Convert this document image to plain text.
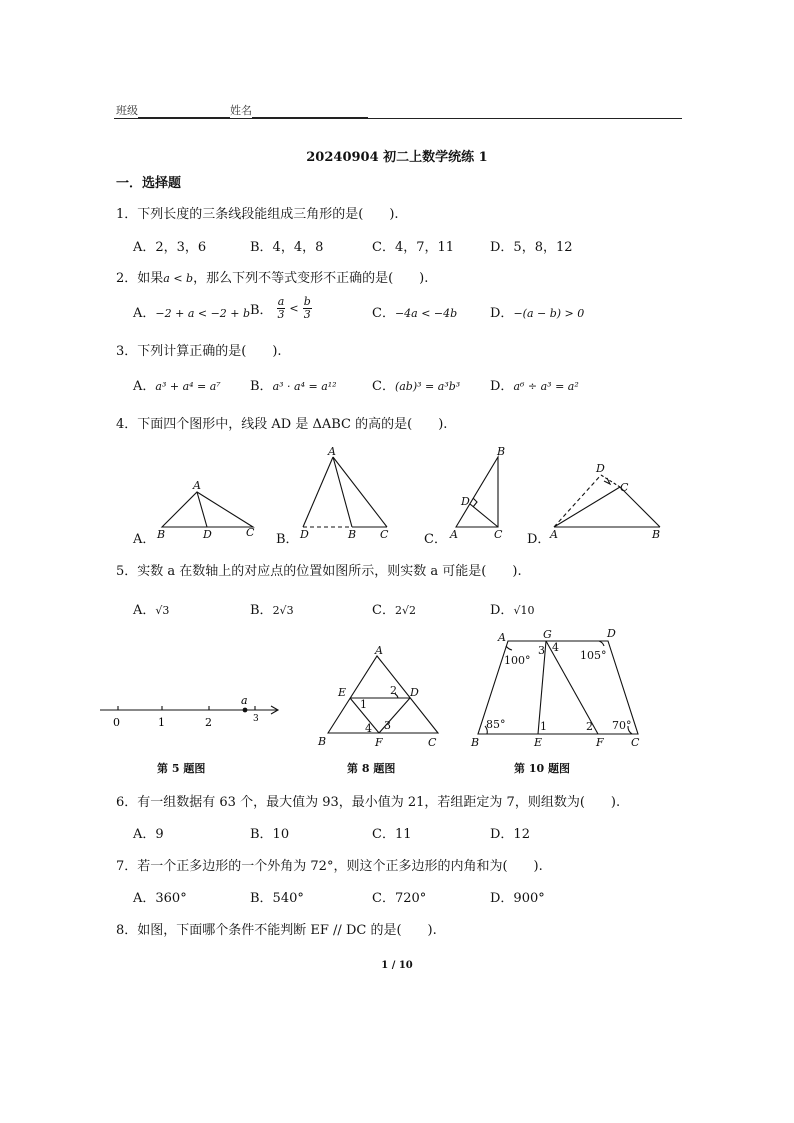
班级	姓名
20240904 初二上数学统练 1
一．选择题
1．下列长度的三条线段能组成三角形的是(　　).
A．2，3，6	B．4，4，8	C．4，7，11	D．5，8，12
2．如果a < b，那么下列不等式变形不正确的是(　　).
A．−2 + a < −2 + b B． $\frac{a}{3} < \frac{b}{3}$	C．−4a < −4b	D．−(a − b) > 0
3．下列计算正确的是(　　).
A．a³ + a⁴ = a⁷ B．a³ · a⁴ = a¹²	C．(ab)³ = a³b³ D．a⁶ ÷ a³ = a²
4．下面四个图形中，线段 AD 是 ΔABC 的高的是(　　).
A．	B．	C．	D．
A
B	D	C
A
D	B C
B
D
A	C
D
C
A	B
5．实数 a 在数轴上的对应点的位置如图所示，则实数 a 可能是(　　).
A．√3	B．2√3	C．2√2	D．√10
0	1	2	3
a
A
E	D
B	F	C
2
1
4 3
A	G	D
B	E	F C
3 4
1	2
100°	105°
85°	70°
第 5 题图	第 8 题图	第 10 题图
6．有一组数据有 63 个，最大值为 93，最小值为 21，若组距定为 7，则组数为(　　).
A．9	B．10	C．11	D．12
7．若一个正多边形的一个外角为 72°，则这个正多边形的内角和为(　　).
A．360°	B．540°	C．720°	D．900°
8．如图，下面哪个条件不能判断 EF // DC 的是(　　).
1 / 10
